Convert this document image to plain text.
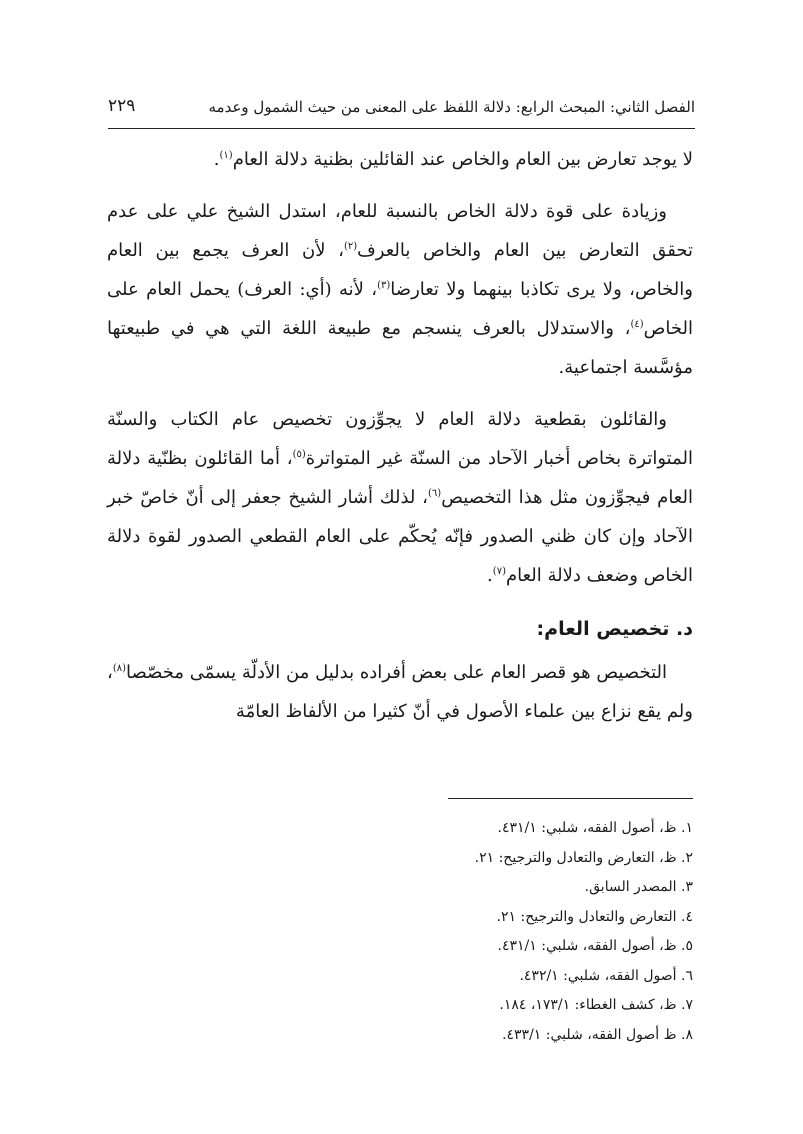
الفصل الثاني: المبحث الرابع: دلالة اللفظ على المعنى من حيث الشمول وعدمه
٢٢٩

لا يوجد تعارض بين العام والخاص عند القائلين بظنية دلالة العام$^{(١)}$.

وزيادة على قوة دلالة الخاص بالنسبة للعام، استدل الشيخ علي على عدم تحقق التعارض بين العام والخاص بالعرف$^{(٢)}$، لأن العرف يجمع بين العام والخاص، ولا يرى تكاذبا بينهما ولا تعارضا$^{(٣)}$، لأنه (أي: العرف) يحمل العام على الخاص$^{(٤)}$، والاستدلال بالعرف ينسجم مع طبيعة اللغة التي هي في طبيعتها مؤسَّسة اجتماعية.

والقائلون بقطعية دلالة العام لا يجوِّزون تخصيص عام الكتاب والسنّة المتواترة بخاص أخبار الآحاد من السنّة غير المتواترة$^{(٥)}$، أما القائلون بظنّية دلالة العام فيجوِّزون مثل هذا التخصيص$^{(٦)}$، لذلك أشار الشيخ جعفر إلى أنّ خاصّ خبر الآحاد وإن كان ظني الصدور فإنّه يُحكّم على العام القطعي الصدور لقوة دلالة الخاص وضعف دلالة العام$^{(٧)}$.

د. تخصيص العام:

التخصيص هو قصر العام على بعض أفراده بدليل من الأدلّة يسمّى مخصّصا$^{(٨)}$، ولم يقع نزاع بين علماء الأصول في أنّ كثيرا من الألفاظ العامّة

١. ظ، أصول الفقه، شلبي: ٤٣١/١.
٢. ظ، التعارض والتعادل والترجيح: ٢١.
٣. المصدر السابق.
٤. التعارض والتعادل والترجيح: ٢١.
٥. ظ، أصول الفقه، شلبي: ٤٣١/١.
٦. أصول الفقه، شلبي: ٤٣٢/١.
٧. ظ، كشف الغطاء: ١٧٣/١، ١٨٤.
٨. ظ أصول الفقه، شلبي: ٤٣٣/١.
